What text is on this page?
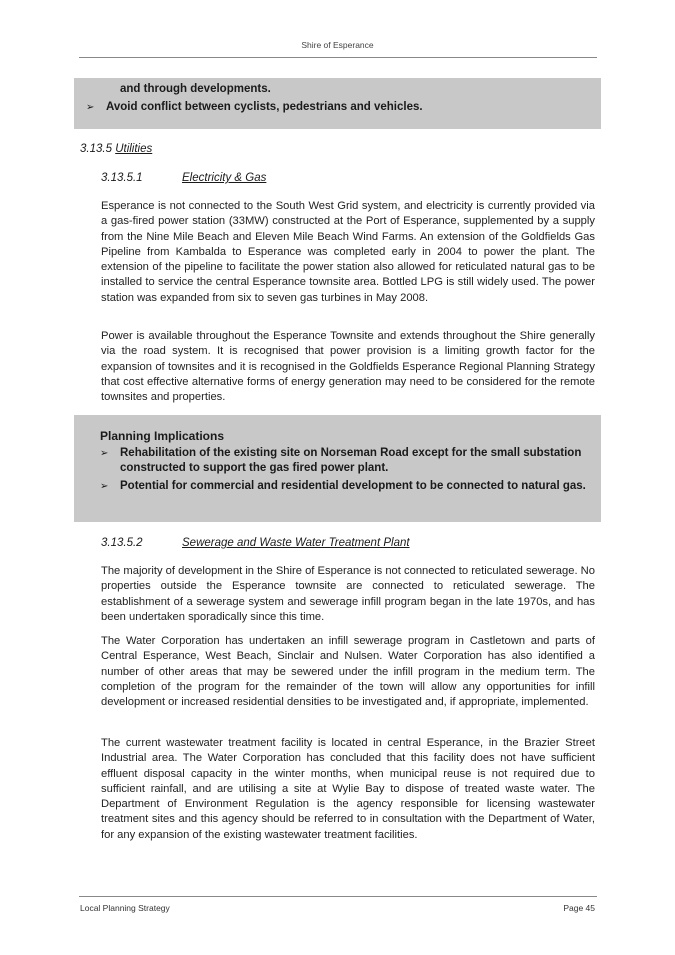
Shire of Esperance
and through developments.
➢	Avoid conflict between cyclists, pedestrians and vehicles.
3.13.5 Utilities
3.13.5.1	Electricity & Gas

Esperance is not connected to the South West Grid system, and electricity is currently provided via a gas-fired power station (33MW) constructed at the Port of Esperance, supplemented by a supply from the Nine Mile Beach and Eleven Mile Beach Wind Farms. An extension of the Goldfields Gas Pipeline from Kambalda to Esperance was completed early in 2004 to power the plant. The extension of the pipeline to facilitate the power station also allowed for reticulated natural gas to be installed to service the central Esperance townsite area. Bottled LPG is still widely used. The power station was expanded from six to seven gas turbines in May 2008.

Power is available throughout the Esperance Townsite and extends throughout the Shire generally via the road system. It is recognised that power provision is a limiting growth factor for the expansion of townsites and it is recognised in the Goldfields Esperance Regional Planning Strategy that cost effective alternative forms of energy generation may need to be considered for the remote townsites and properties.

Planning Implications
➢	Rehabilitation of the existing site on Norseman Road except for the small substation constructed to support the gas fired power plant.
➢	Potential for commercial and residential development to be connected to natural gas.
3.13.5.2	Sewerage and Waste Water Treatment Plant

The majority of development in the Shire of Esperance is not connected to reticulated sewerage. No properties outside the Esperance townsite are connected to reticulated sewerage. The establishment of a sewerage system and sewerage infill program began in the late 1970s, and has been undertaken sporadically since this time.

The Water Corporation has undertaken an infill sewerage program in Castletown and parts of Central Esperance, West Beach, Sinclair and Nulsen. Water Corporation has also identified a number of other areas that may be sewered under the infill program in the medium term. The completion of the program for the remainder of the town will allow any opportunities for infill development or increased residential densities to be investigated and, if appropriate, implemented.

The current wastewater treatment facility is located in central Esperance, in the Brazier Street Industrial area. The Water Corporation has concluded that this facility does not have sufficient effluent disposal capacity in the winter months, when municipal reuse is not required due to sufficient rainfall, and are utilising a site at Wylie Bay to dispose of treated waste water. The Department of Environment Regulation is the agency responsible for licensing wastewater treatment sites and this agency should be referred to in consultation with the Department of Water, for any expansion of the existing wastewater treatment facilities.

Local Planning Strategy	Page 45
